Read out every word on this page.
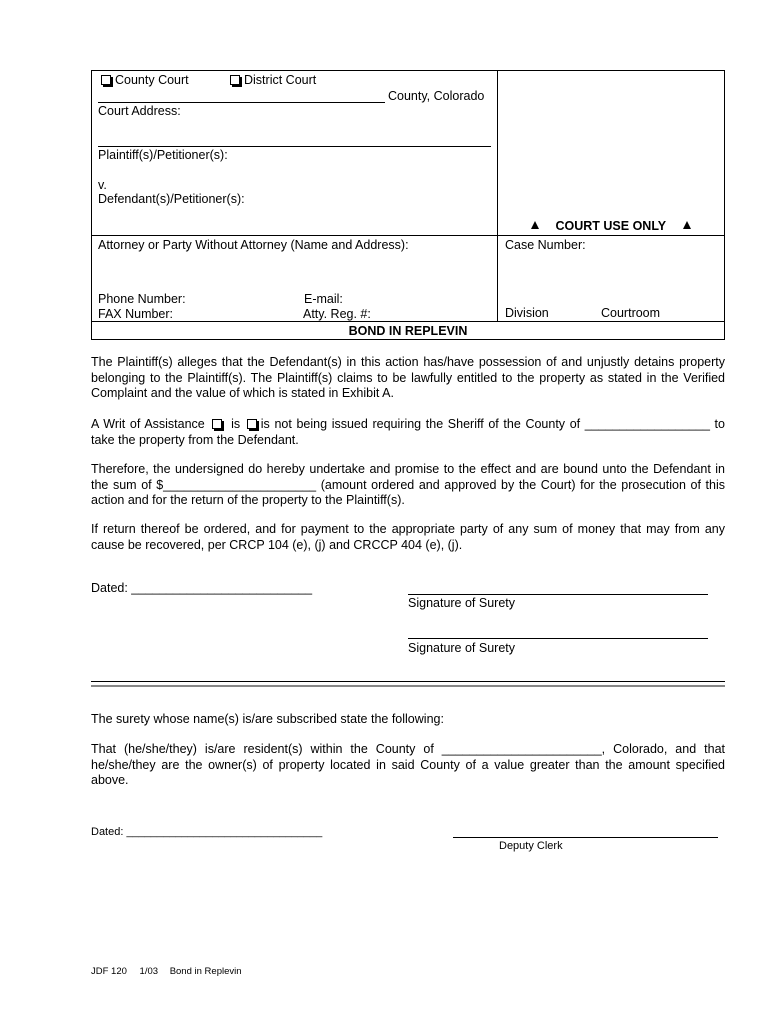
County Court	District Court
County, Colorado
Court Address:
Plaintiff(s)/Petitioner(s):
v.
Defendant(s)/Petitioner(s):
COURT USE ONLY
Attorney or Party Without Attorney (Name and Address):	Case Number:
Phone Number:	E-mail:
FAX Number:	Atty. Reg. #:	Division	Courtroom
BOND IN REPLEVIN
The Plaintiff(s) alleges that the Defendant(s) in this action has/have possession of and unjustly detains property belonging to the Plaintiff(s). The Plaintiff(s) claims to be lawfully entitled to the property as stated in the Verified Complaint and the value of which is stated in Exhibit A.
A Writ of Assistance is is not being issued requiring the Sheriff of the County of __________________ to take the property from the Defendant.
Therefore, the undersigned do hereby undertake and promise to the effect and are bound unto the Defendant in the sum of $______________________ (amount ordered and approved by the Court) for the prosecution of this action and for the return of the property to the Plaintiff(s).
If return thereof be ordered, and for payment to the appropriate party of any sum of money that may from any cause be recovered, per CRCP 104 (e), (j) and CRCCP 404 (e), (j).
Dated: __________________________
Signature of Surety
Signature of Surety
The surety whose name(s) is/are subscribed state the following:
That (he/she/they) is/are resident(s) within the County of _______________________, Colorado, and that he/she/they are the owner(s) of property located in said County of a value greater than the amount specified above.
Dated: ________________________________
Deputy Clerk
JDF 120 1/03 Bond in Replevin
